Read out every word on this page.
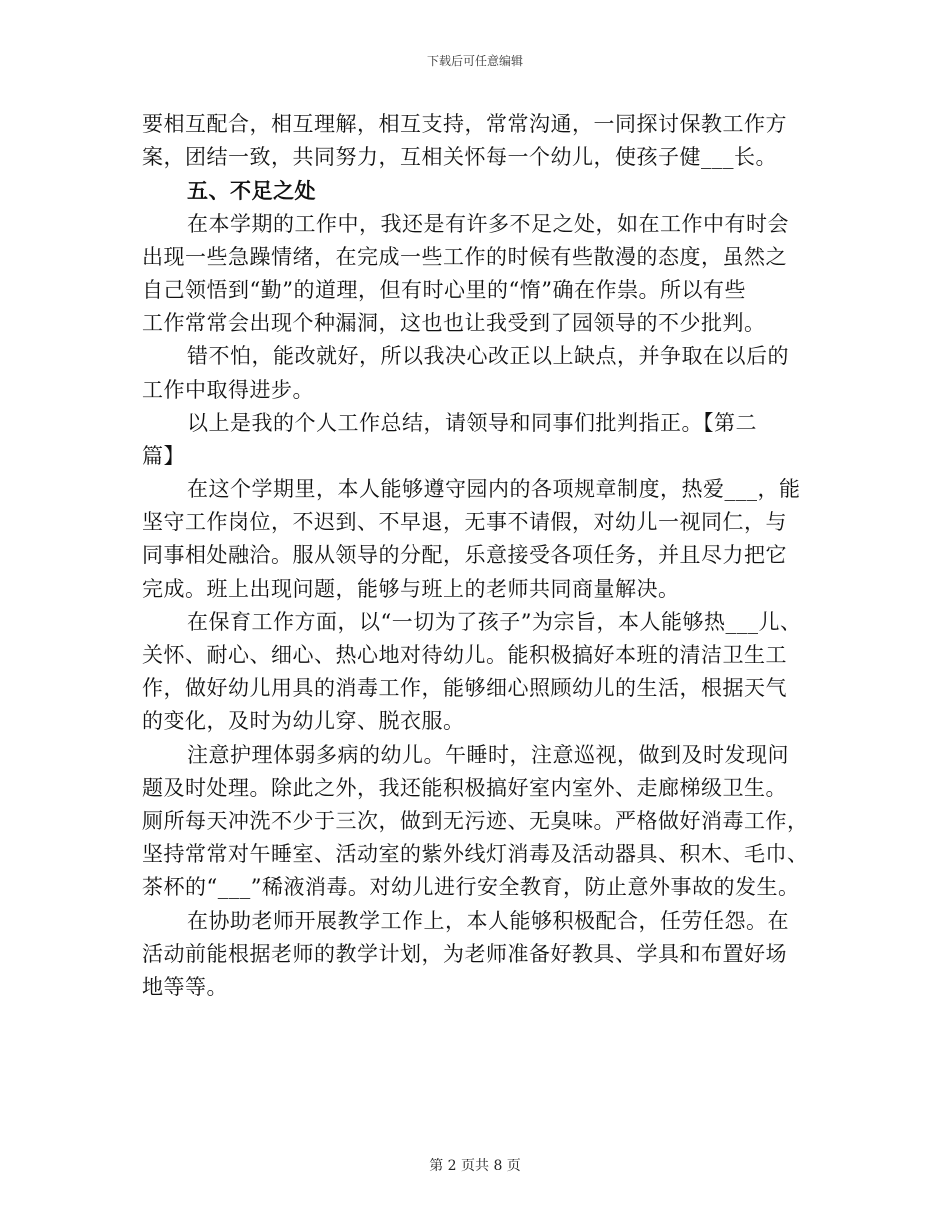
下载后可任意编辑
要相互配合，相互理解，相互支持，常常沟通，一同探讨保教工作方
案，团结一致，共同努力，互相关怀每一个幼儿，使孩子健___长。
五、不足之处
在本学期的工作中，我还是有许多不足之处，如在工作中有时会
出现一些急躁情绪，在完成一些工作的时候有些散漫的态度，虽然之
自己领悟到“勤”的道理，但有时心里的“惰”确在作祟。所以有些
工作常常会出现个种漏洞，这也也让我受到了园领导的不少批判。
错不怕，能改就好，所以我决心改正以上缺点，并争取在以后的
工作中取得进步。
以上是我的个人工作总结，请领导和同事们批判指正。【第二
篇】
在这个学期里，本人能够遵守园内的各项规章制度，热爱___，能
坚守工作岗位，不迟到、不早退，无事不请假，对幼儿一视同仁，与
同事相处融洽。服从领导的分配，乐意接受各项任务，并且尽力把它
完成。班上出现问题，能够与班上的老师共同商量解决。
在保育工作方面，以“一切为了孩子”为宗旨，本人能够热___儿、
关怀、耐心、细心、热心地对待幼儿。能积极搞好本班的清洁卫生工
作，做好幼儿用具的消毒工作，能够细心照顾幼儿的生活，根据天气
的变化，及时为幼儿穿、脱衣服。
注意护理体弱多病的幼儿。午睡时，注意巡视，做到及时发现问
题及时处理。除此之外，我还能积极搞好室内室外、走廊梯级卫生。
厕所每天冲洗不少于三次，做到无污迹、无臭味。严格做好消毒工作，
坚持常常对午睡室、活动室的紫外线灯消毒及活动器具、积木、毛巾、
茶杯的“___”稀液消毒。对幼儿进行安全教育，防止意外事故的发生。
在协助老师开展教学工作上，本人能够积极配合，任劳任怨。在
活动前能根据老师的教学计划，为老师准备好教具、学具和布置好场
地等等。
第 2 页共 8 页
